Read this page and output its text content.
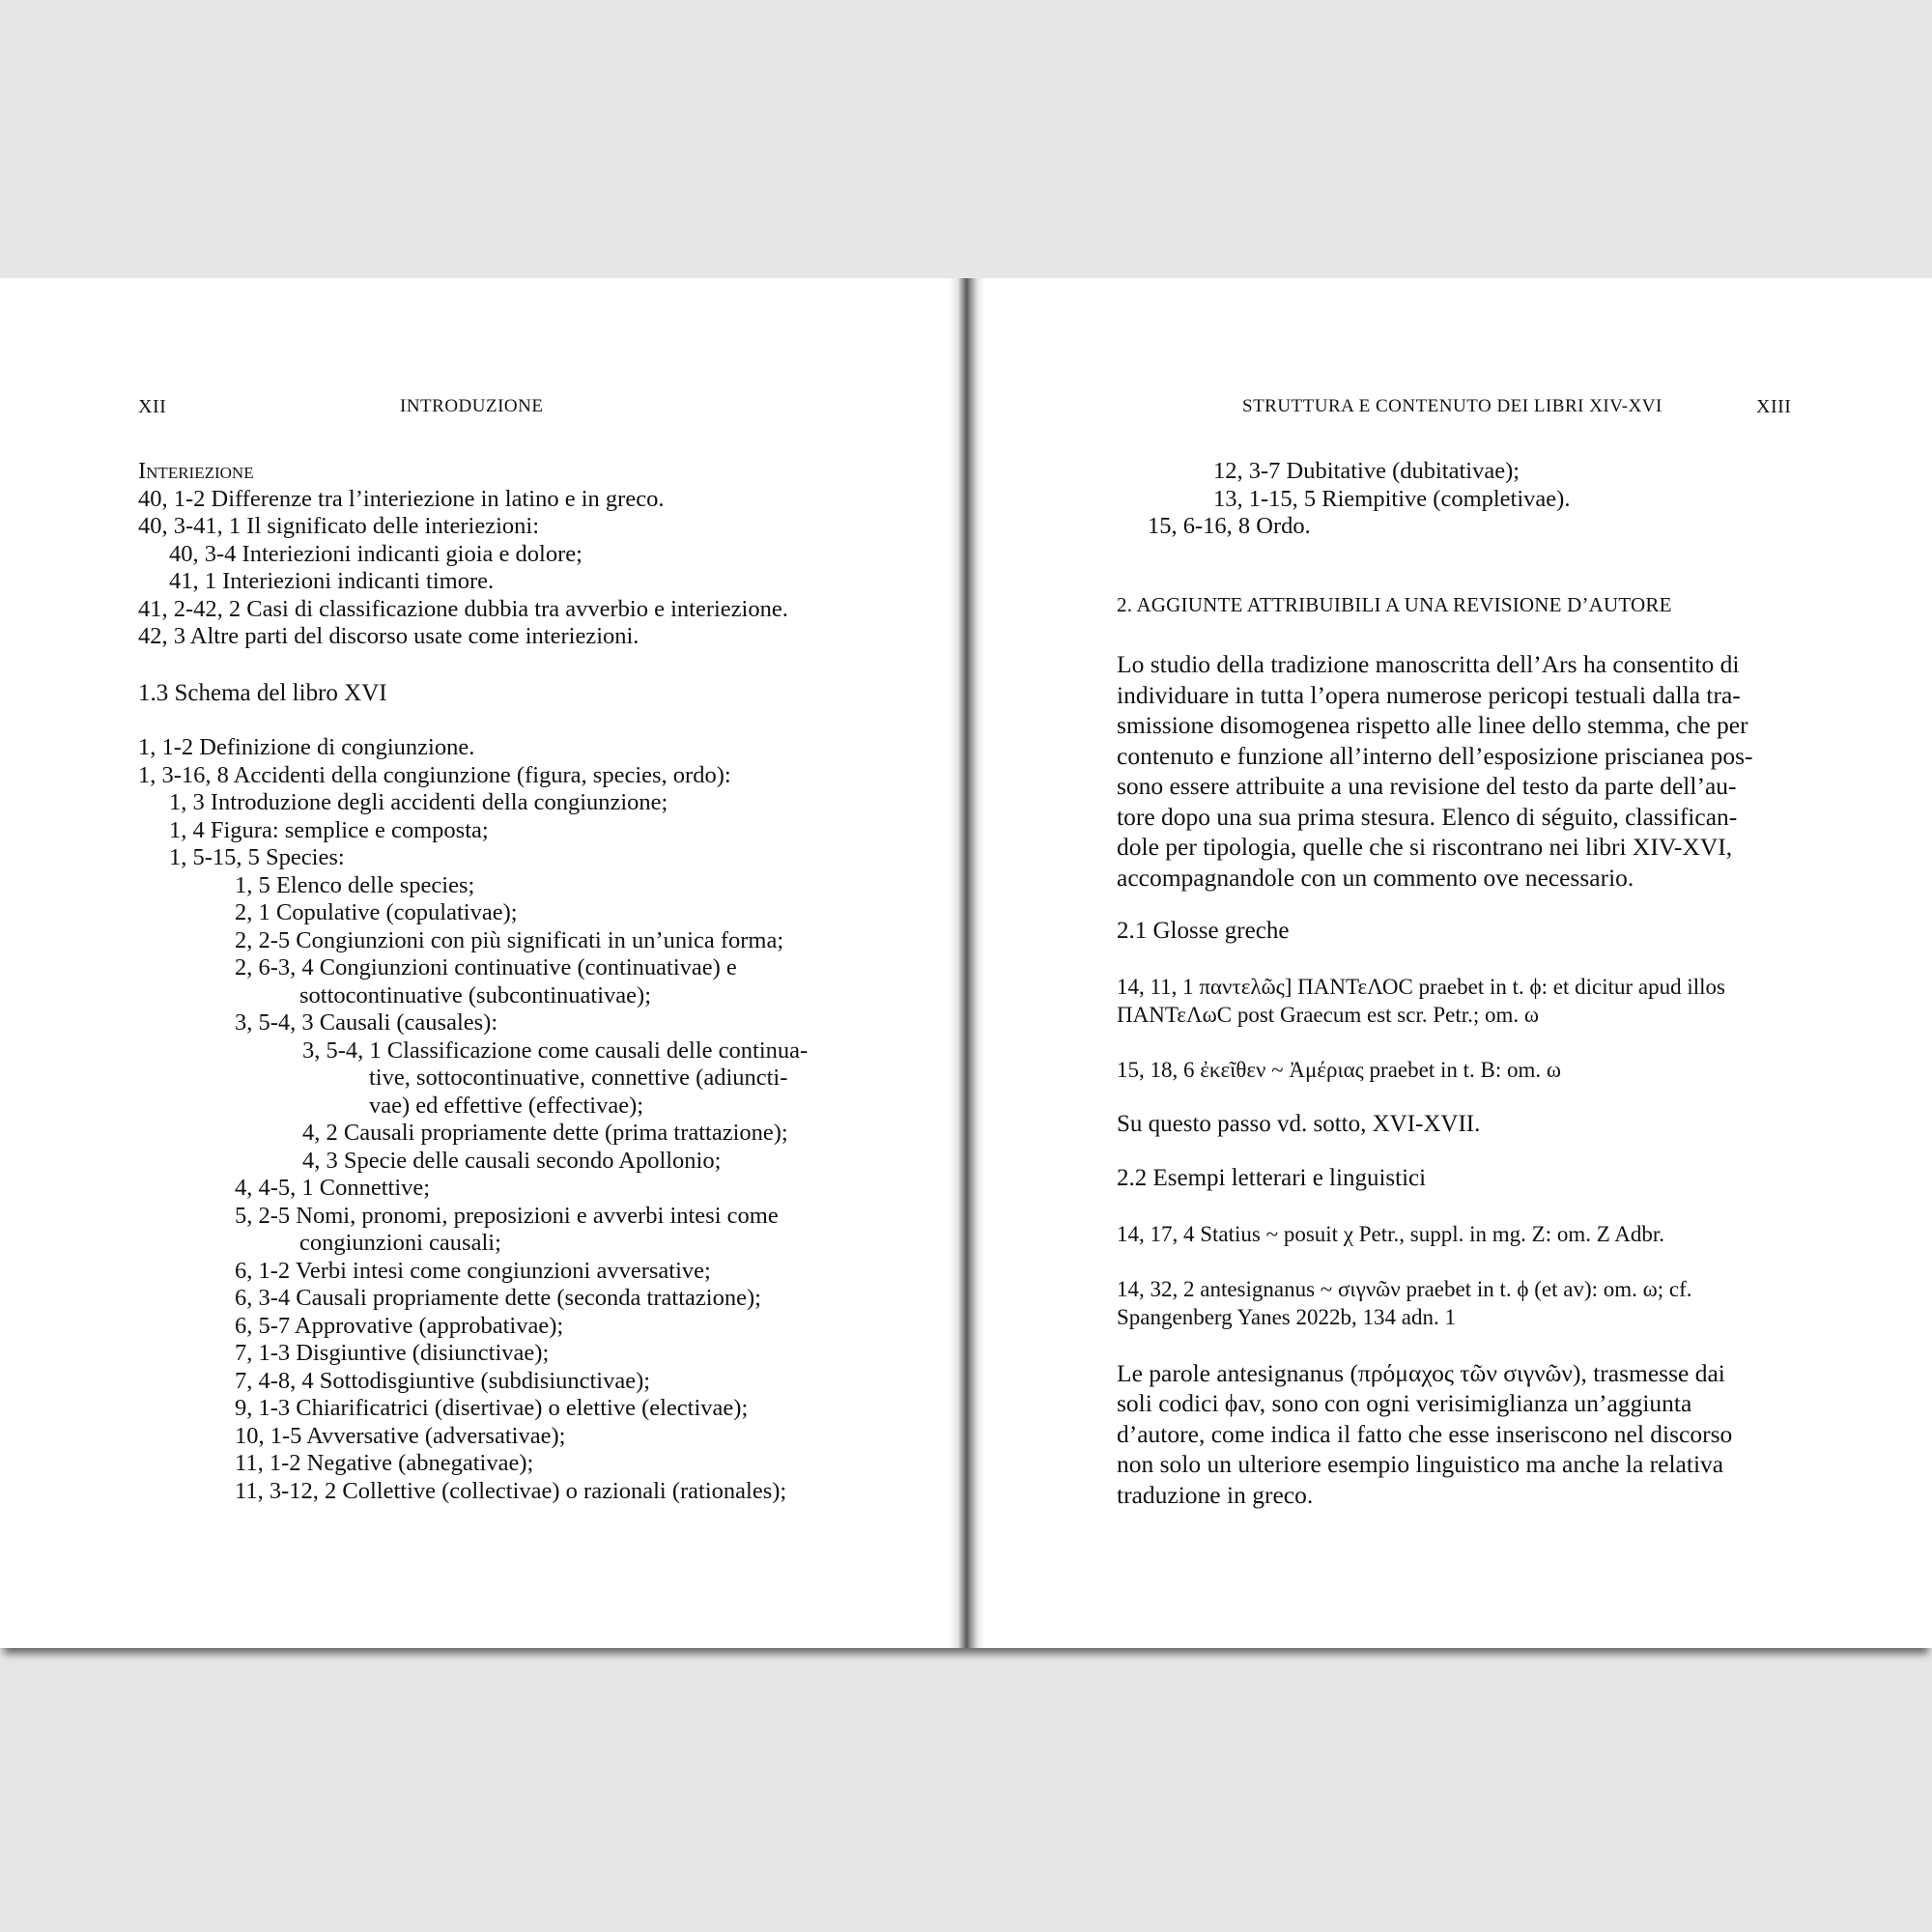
XII	INTRODUZIONE
Interiezione
40, 1-2 Differenze tra l’interiezione in latino e in greco.
40, 3-41, 1 Il significato delle interiezioni:
40, 3-4 Interiezioni indicanti gioia e dolore;
41, 1 Interiezioni indicanti timore.
41, 2-42, 2 Casi di classificazione dubbia tra avverbio e interiezione.
42, 3 Altre parti del discorso usate come interiezioni.
1.3 Schema del libro XVI
1, 1-2 Definizione di congiunzione.
1, 3-16, 8 Accidenti della congiunzione (figura, species, ordo):
1, 3 Introduzione degli accidenti della congiunzione;
1, 4 Figura: semplice e composta;
1, 5-15, 5 Species:
1, 5 Elenco delle species;
2, 1 Copulative (copulativae);
2, 2-5 Congiunzioni con più significati in un’unica forma;
2, 6-3, 4 Congiunzioni continuative (continuativae) e
sottocontinuative (subcontinuativae);
3, 5-4, 3 Causali (causales):
3, 5-4, 1 Classificazione come causali delle continua-
tive, sottocontinuative, connettive (adiuncti-
vae) ed effettive (effectivae);
4, 2 Causali propriamente dette (prima trattazione);
4, 3 Specie delle causali secondo Apollonio;
4, 4-5, 1 Connettive;
5, 2-5 Nomi, pronomi, preposizioni e avverbi intesi come
congiunzioni causali;
6, 1-2 Verbi intesi come congiunzioni avversative;
6, 3-4 Causali propriamente dette (seconda trattazione);
6, 5-7 Approvative (approbativae);
7, 1-3 Disgiuntive (disiunctivae);
7, 4-8, 4 Sottodisgiuntive (subdisiunctivae);
9, 1-3 Chiarificatrici (disertivae) o elettive (electivae);
10, 1-5 Avversative (adversativae);
11, 1-2 Negative (abnegativae);
11, 3-12, 2 Collettive (collectivae) o razionali (rationales);
STRUTTURA E CONTENUTO DEI LIBRI XIV-XVI	XIII
12, 3-7 Dubitative (dubitativae);
13, 1-15, 5 Riempitive (completivae).
15, 6-16, 8 Ordo.
2. AGGIUNTE ATTRIBUIBILI A UNA REVISIONE D’AUTORE
Lo studio della tradizione manoscritta dell’Ars ha consentito di
individuare in tutta l’opera numerose pericopi testuali dalla tra-
smissione disomogenea rispetto alle linee dello stemma, che per
contenuto e funzione all’interno dell’esposizione priscianea pos-
sono essere attribuite a una revisione del testo da parte dell’au-
tore dopo una sua prima stesura. Elenco di séguito, classifican-
dole per tipologia, quelle che si riscontrano nei libri XIV-XVI,
accompagnandole con un commento ove necessario.
2.1 Glosse greche
14, 11, 1 παντελῶς] ΠΑΝΤεΛΟC praebet in t. ϕ: et dicitur apud illos
ΠΑΝΤεΛωC post Graecum est scr. Petr.; om. ω
15, 18, 6 ἐκεῖθεν ~ Ἀμέριας praebet in t. B: om. ω
Su questo passo vd. sotto, XVI-XVII.
2.2 Esempi letterari e linguistici
14, 17, 4 Statius ~ posuit χ Petr., suppl. in mg. Z: om. Z Adbr.
14, 32, 2 antesignanus ~ σιγνῶν praebet in t. ϕ (et av): om. ω; cf.
Spangenberg Yanes 2022b, 134 adn. 1
Le parole antesignanus (πρόμαχος τῶν σιγνῶν), trasmesse dai
soli codici ϕav, sono con ogni verisimiglianza un’aggiunta
d’autore, come indica il fatto che esse inseriscono nel discorso
non solo un ulteriore esempio linguistico ma anche la relativa
traduzione in greco.
